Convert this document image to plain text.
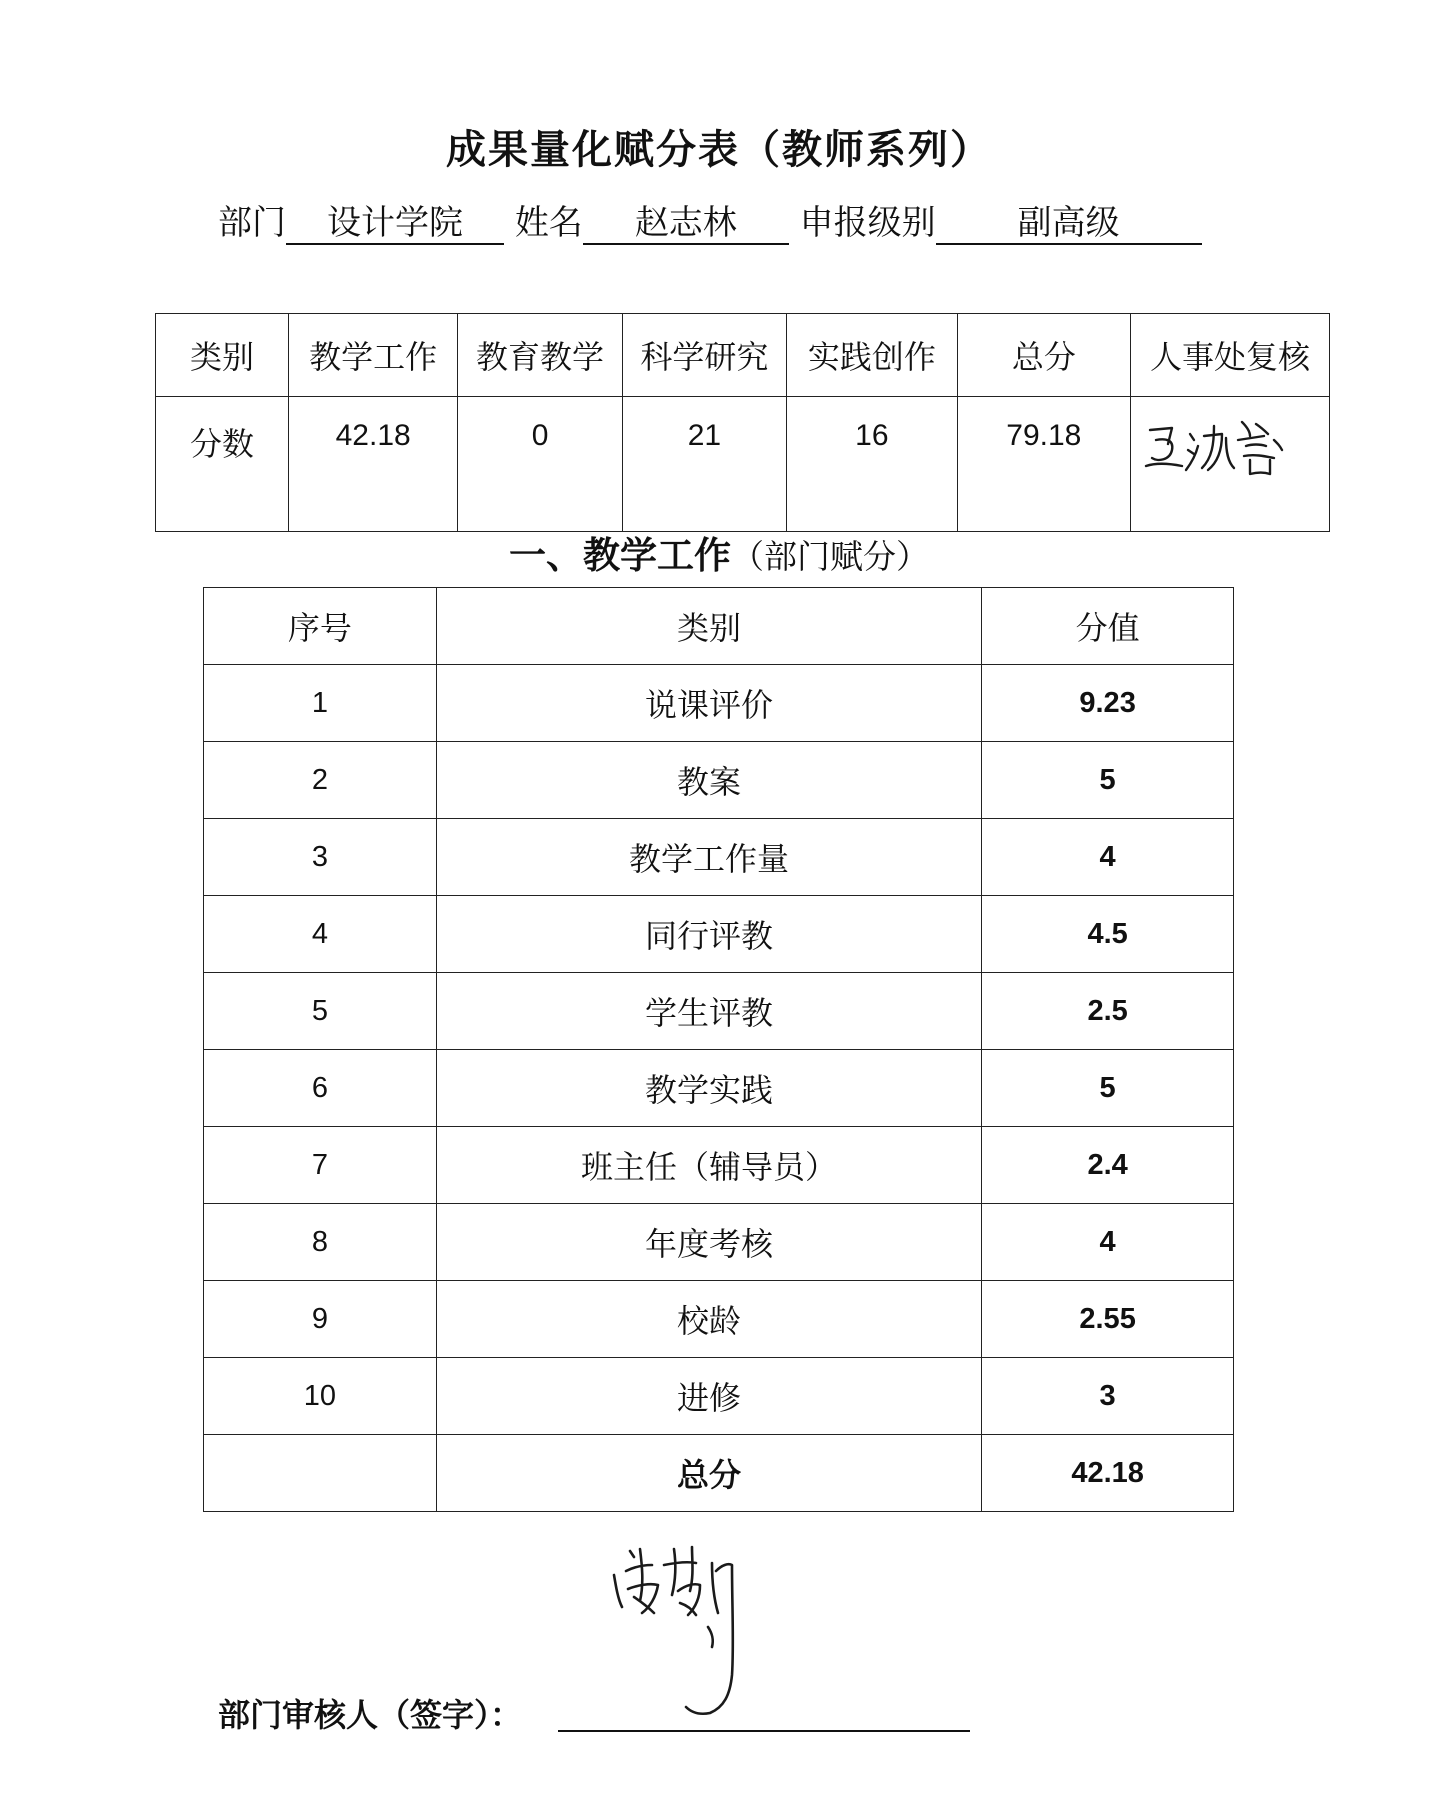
成果量化赋分表（教师系列）
部门 设计学院 姓名 赵志林 申报级别 副高级
类别	教学工作	教育教学	科学研究	实践创作	总分	人事处复核
分数	42.18	0	21	16	79.18	
一、教学工作（部门赋分）
序号	类别	分值
1	说课评价	9.23
2	教案	5
3	教学工作量	4
4	同行评教	4.5
5	学生评教	2.5
6	教学实践	5
7	班主任（辅导员）	2.4
8	年度考核	4
9	校龄	2.55
10	进修	3
	总分	42.18
部门审核人（签字）：
